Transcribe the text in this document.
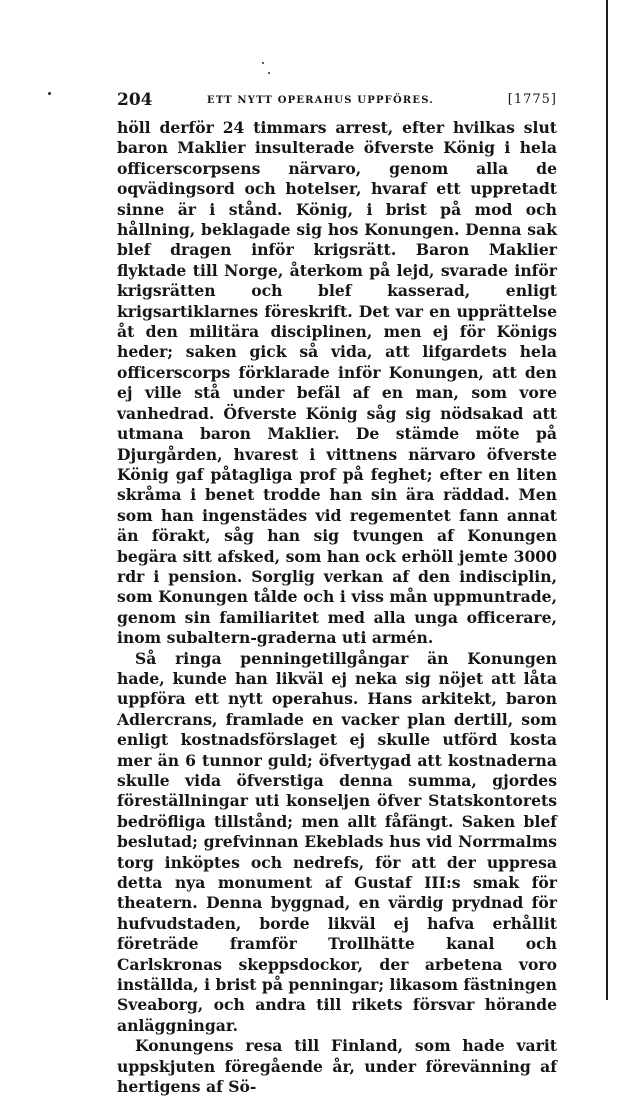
204	ETT NYTT OPERAHUS UPPFÖRES.	[1775]

höll derför 24 timmars arrest, efter hvilkas slut baron Maklier insulterade öfverste König i hela officerscorpsens närvaro, genom alla de oqvädingsord och hotelser, hvaraf ett uppretadt sinne är i stånd. König, i brist på mod och hållning, beklagade sig hos Konungen. Denna sak blef dragen inför krigsrätt. Baron Maklier flyktade till Norge, återkom på lejd, svarade inför krigsrätten och blef kasserad, enligt krigsartiklarnes föreskrift. Det var en upprättelse åt den militära disciplinen, men ej för Königs heder; saken gick så vida, att lifgardets hela officerscorps förklarade inför Konungen, att den ej ville stå under befäl af en man, som vore vanhedrad. Öfverste König såg sig nödsakad att utmana baron Maklier. De stämde möte på Djurgården, hvarest i vittnens närvaro öfverste König gaf påtagliga prof på feghet; efter en liten skråma i benet trodde han sin ära räddad. Men som han ingenstädes vid regementet fann annat än förakt, såg han sig tvungen af Konungen begära sitt afsked, som han ock erhöll jemte 3000 rdr i pension. Sorglig verkan af den indisciplin, som Konungen tålde och i viss mån uppmuntrade, genom sin familiaritet med alla unga officerare, inom subaltern-graderna uti armén.

Så ringa penningetillgångar än Konungen hade, kunde han likväl ej neka sig nöjet att låta uppföra ett nytt operahus. Hans arkitekt, baron Adlercrans, framlade en vacker plan dertill, som enligt kostnadsförslaget ej skulle utförd kosta mer än 6 tunnor guld; öfvertygad att kostnaderna skulle vida öfverstiga denna summa, gjordes föreställningar uti konseljen öfver Statskontorets bedröfliga tillstånd; men allt fåfängt. Saken blef beslutad; grefvinnan Ekeblads hus vid Norrmalms torg inköptes och nedrefs, för att der uppresa detta nya monument af Gustaf III:s smak för theatern. Denna byggnad, en värdig prydnad för hufvudstaden, borde likväl ej hafva erhållit företräde framför Trollhätte kanal och Carlskronas skeppsdockor, der arbetena voro inställda, i brist på penningar; likasom fästningen Sveaborg, och andra till rikets försvar hörande anläggningar.

Konungens resa till Finland, som hade varit uppskjuten föregående år, under förevänning af hertigens af Sö-
